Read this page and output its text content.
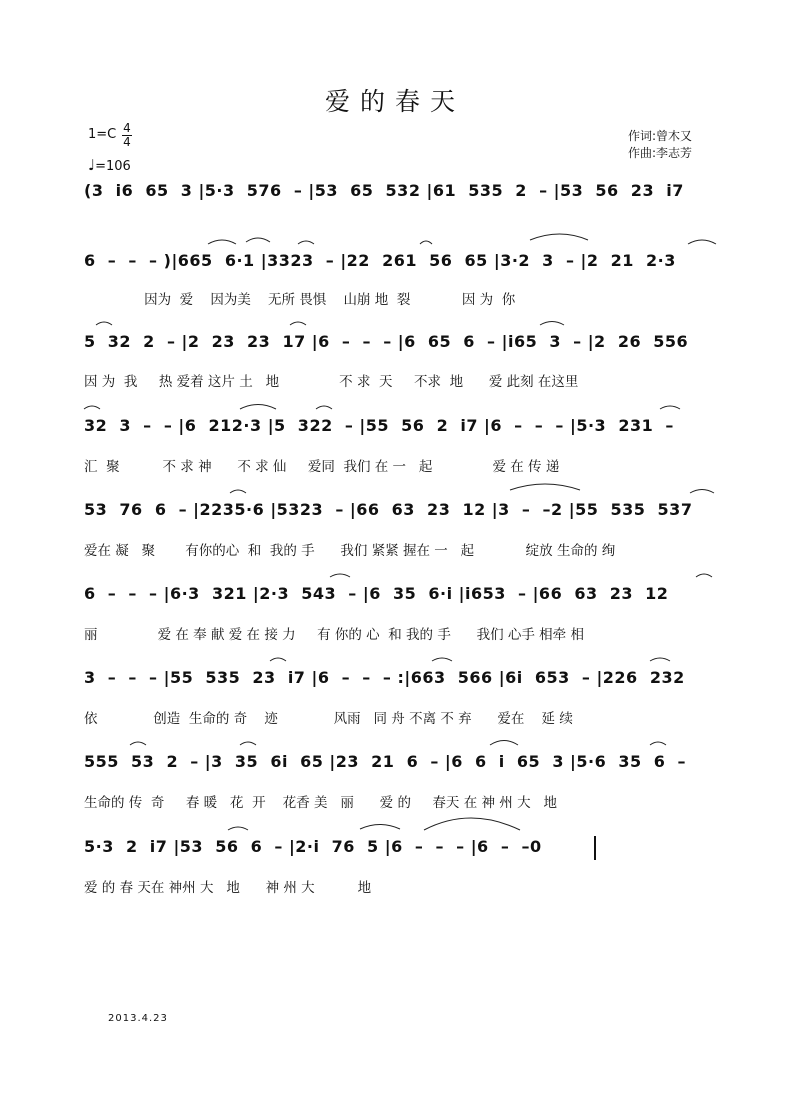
爱的春天
1=C 4
4
♩=106
作词:曾木又
作曲:李志芳
(3  i6  65  3 |5·3  576  – |53  65  532 |61  535  2  – |53  56  23  i7
6  –  –  – )|665  6·1 |3323  – |22  261  56  65 |3·2  3  – |2  21  2·3
因为  爱    因为美    无所 畏惧    山崩 地  裂            因 为  你
5  32  2  – |2  23  23  17 |6  –  –  – |6  65  6  – |i65  3  – |2  26  556
因 为  我     热 爱着 这片 土   地              不 求  天     不求  地      爱 此刻 在这里
32  3  –  – |6  212·3 |5  322  – |55  56  2  i7 |6  –  –  – |5·3  231  –
汇  聚          不 求 神      不 求 仙     爱同  我们 在 一   起              爱 在 传 递
53  76  6  – |2235·6 |5323  – |66  63  23  12 |3  –  –2 |55  535  537
爱在 凝   聚       有你的心  和  我的 手      我们 紧紧 握在 一   起            绽放 生命的 绚
6  –  –  – |6·3  321 |2·3  543  – |6  35  6·i |i653  – |66  63  23  12
丽              爱 在 奉 献 爱 在 接 力     有 你的 心  和 我的 手      我们 心手 相牵 相
3  –  –  – |55  535  23  i7 |6  –  –  – :|663  566 |6i  653  – |226  232
依             创造  生命的 奇    迹             风雨   同 舟 不离 不 弃      爱在    延 续
555  53  2  – |3  35  6i  65 |23  21  6  – |6  6  i  65  3 |5·6  35  6  –
生命的 传  奇     春 暖   花  开    花香 美   丽      爱 的     春天 在 神 州 大   地
5·3  2  i7 |53  56  6  – |2·i  76  5 |6  –  –  – |6  –  –0
爱 的 春 天在 神州 大   地      神 州 大          地
2013.4.23
